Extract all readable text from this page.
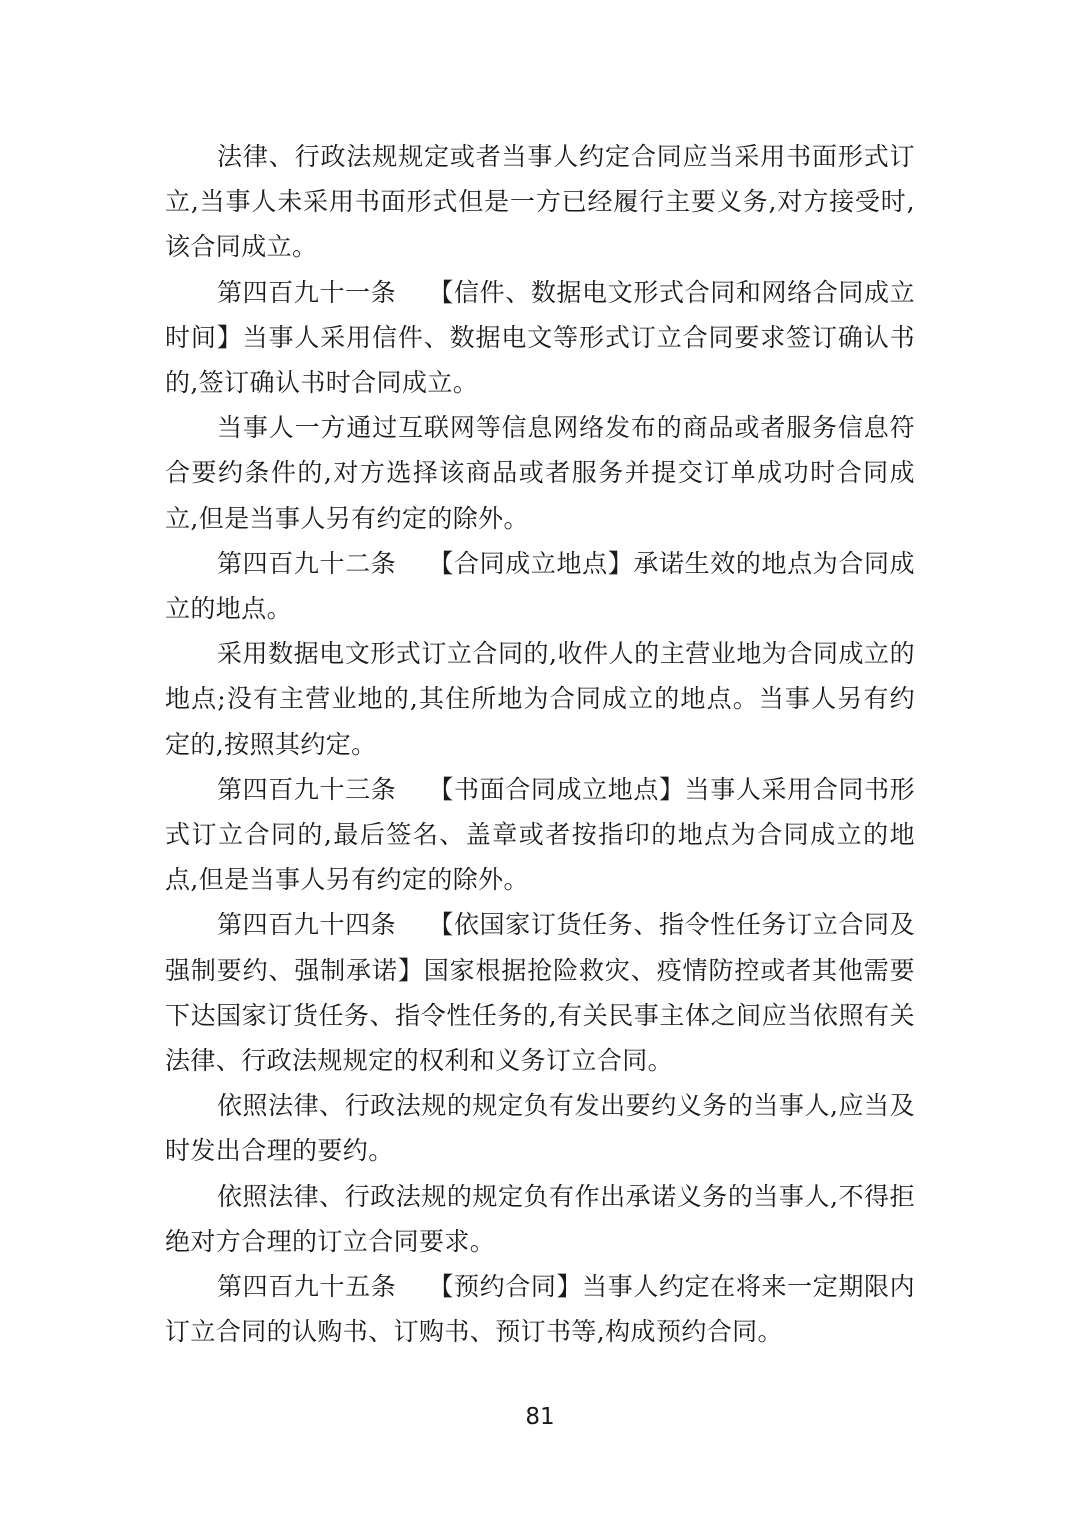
法律、行政法规规定或者当事人约定合同应当采用书面形式订立,当事人未采用书面形式但是一方已经履行主要义务,对方接受时,该合同成立。

第四百九十一条 【信件、数据电文形式合同和网络合同成立时间】当事人采用信件、数据电文等形式订立合同要求签订确认书的,签订确认书时合同成立。

当事人一方通过互联网等信息网络发布的商品或者服务信息符合要约条件的,对方选择该商品或者服务并提交订单成功时合同成立,但是当事人另有约定的除外。

第四百九十二条 【合同成立地点】承诺生效的地点为合同成立的地点。

采用数据电文形式订立合同的,收件人的主营业地为合同成立的地点;没有主营业地的,其住所地为合同成立的地点。当事人另有约定的,按照其约定。

第四百九十三条 【书面合同成立地点】当事人采用合同书形式订立合同的,最后签名、盖章或者按指印的地点为合同成立的地点,但是当事人另有约定的除外。

第四百九十四条 【依国家订货任务、指令性任务订立合同及强制要约、强制承诺】国家根据抢险救灾、疫情防控或者其他需要下达国家订货任务、指令性任务的,有关民事主体之间应当依照有关法律、行政法规规定的权利和义务订立合同。

依照法律、行政法规的规定负有发出要约义务的当事人,应当及时发出合理的要约。

依照法律、行政法规的规定负有作出承诺义务的当事人,不得拒绝对方合理的订立合同要求。

第四百九十五条 【预约合同】当事人约定在将来一定期限内订立合同的认购书、订购书、预订书等,构成预约合同。

81
